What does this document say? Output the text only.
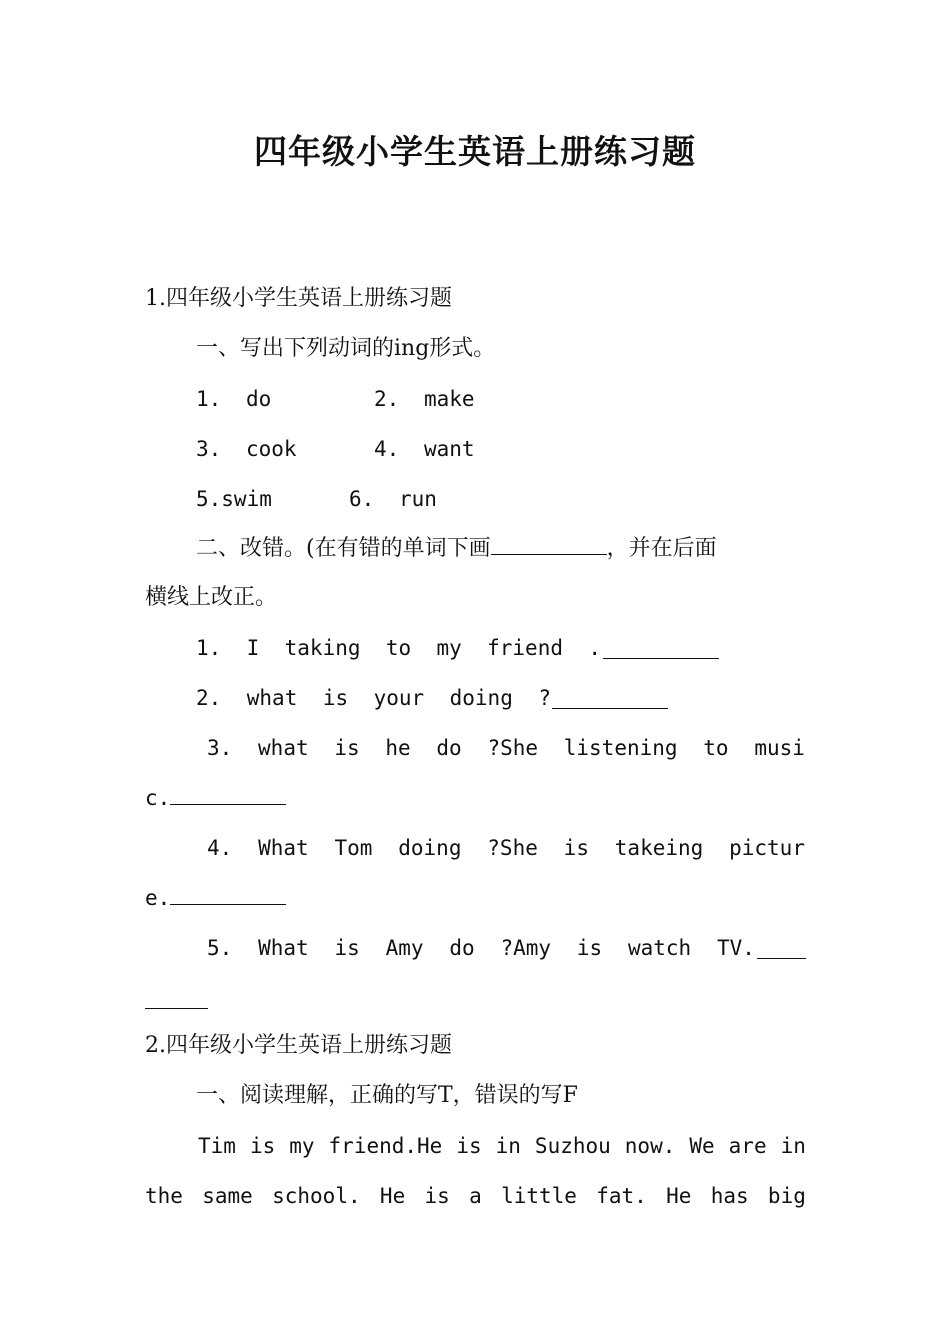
四年级小学生英语上册练习题
1.四年级小学生英语上册练习题
一、写出下列动词的ing形式。
1. do	2. make
3. cook	4. want
5.swim	6. run
二、改错。(在有错的单词下画	，并在后面
横线上改正。
1. I taking to my friend .
2. what is your doing ?
3. what is he do ?She listening to musi
c.
4. What Tom doing ?She is takeing pictur
e.
5. What is Amy do ?Amy is watch TV.
2.四年级小学生英语上册练习题
一、阅读理解，正确的写T，错误的写F
Tim is my friend.He is in Suzhou now. We are in
the same school. He is a little fat. He has big
